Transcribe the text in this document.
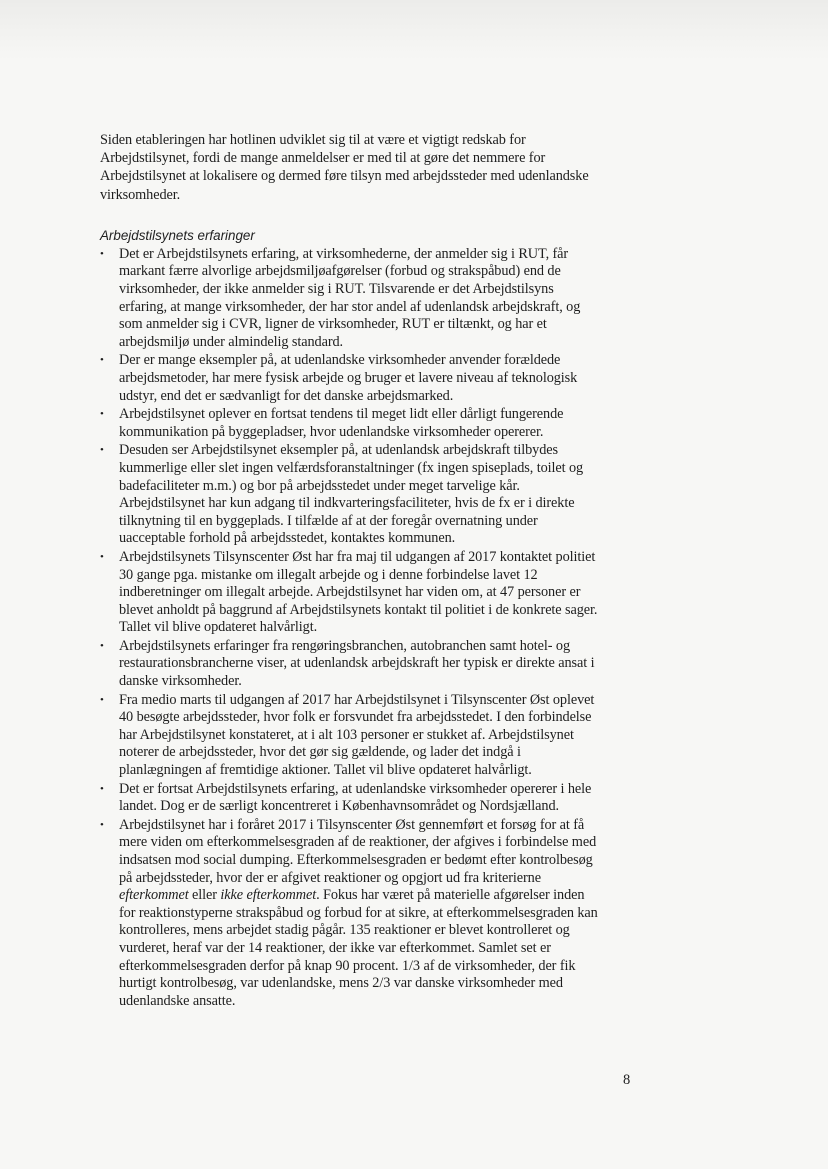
Siden etableringen har hotlinen udviklet sig til at være et vigtigt redskab for Arbejdstilsynet, fordi de mange anmeldelser er med til at gøre det nemmere for Arbejdstilsynet at lokalisere og dermed føre tilsyn med arbejdssteder med udenlandske virksomheder.

Arbejdstilsynets erfaringer
• Det er Arbejdstilsynets erfaring, at virksomhederne, der anmelder sig i RUT, får markant færre alvorlige arbejdsmiljøafgørelser (forbud og strakspåbud) end de virksomheder, der ikke anmelder sig i RUT. Tilsvarende er det Arbejdstilsyns erfaring, at mange virksomheder, der har stor andel af udenlandsk arbejdskraft, og som anmelder sig i CVR, ligner de virksomheder, RUT er tiltænkt, og har et arbejdsmiljø under almindelig standard.
• Der er mange eksempler på, at udenlandske virksomheder anvender forældede arbejdsmetoder, har mere fysisk arbejde og bruger et lavere niveau af teknologisk udstyr, end det er sædvanligt for det danske arbejdsmarked.
• Arbejdstilsynet oplever en fortsat tendens til meget lidt eller dårligt fungerende kommunikation på byggepladser, hvor udenlandske virksomheder opererer.
• Desuden ser Arbejdstilsynet eksempler på, at udenlandsk arbejdskraft tilbydes kummerlige eller slet ingen velfærdsforanstaltninger (fx ingen spiseplads, toilet og badefaciliteter m.m.) og bor på arbejdsstedet under meget tarvelige kår. Arbejdstilsynet har kun adgang til indkvarteringsfaciliteter, hvis de fx er i direkte tilknytning til en byggeplads. I tilfælde af at der foregår overnatning under uacceptable forhold på arbejdsstedet, kontaktes kommunen.
• Arbejdstilsynets Tilsynscenter Øst har fra maj til udgangen af 2017 kontaktet politiet 30 gange pga. mistanke om illegalt arbejde og i denne forbindelse lavet 12 indberetninger om illegalt arbejde. Arbejdstilsynet har viden om, at 47 personer er blevet anholdt på baggrund af Arbejdstilsynets kontakt til politiet i de konkrete sager. Tallet vil blive opdateret halvårligt.
• Arbejdstilsynets erfaringer fra rengøringsbranchen, autobranchen samt hotel- og restaurationsbrancherne viser, at udenlandsk arbejdskraft her typisk er direkte ansat i danske virksomheder.
• Fra medio marts til udgangen af 2017 har Arbejdstilsynet i Tilsynscenter Øst oplevet 40 besøgte arbejdssteder, hvor folk er forsvundet fra arbejdsstedet. I den forbindelse har Arbejdstilsynet konstateret, at i alt 103 personer er stukket af. Arbejdstilsynet noterer de arbejdssteder, hvor det gør sig gældende, og lader det indgå i planlægningen af fremtidige aktioner. Tallet vil blive opdateret halvårligt.
• Det er fortsat Arbejdstilsynets erfaring, at udenlandske virksomheder opererer i hele landet. Dog er de særligt koncentreret i Københavnsområdet og Nordsjælland.
• Arbejdstilsynet har i foråret 2017 i Tilsynscenter Øst gennemført et forsøg for at få mere viden om efterkommelsesgraden af de reaktioner, der afgives i forbindelse med indsatsen mod social dumping. Efterkommelsesgraden er bedømt efter kontrolbesøg på arbejdssteder, hvor der er afgivet reaktioner og opgjort ud fra kriterierne efterkommet eller ikke efterkommet. Fokus har været på materielle afgørelser inden for reaktionstyperne strakspåbud og forbud for at sikre, at efterkommelsesgraden kan kontrolleres, mens arbejdet stadig pågår. 135 reaktioner er blevet kontrolleret og vurderet, heraf var der 14 reaktioner, der ikke var efterkommet. Samlet set er efterkommelsesgraden derfor på knap 90 procent. 1/3 af de virksomheder, der fik hurtigt kontrolbesøg, var udenlandske, mens 2/3 var danske virksomheder med udenlandske ansatte.
8
